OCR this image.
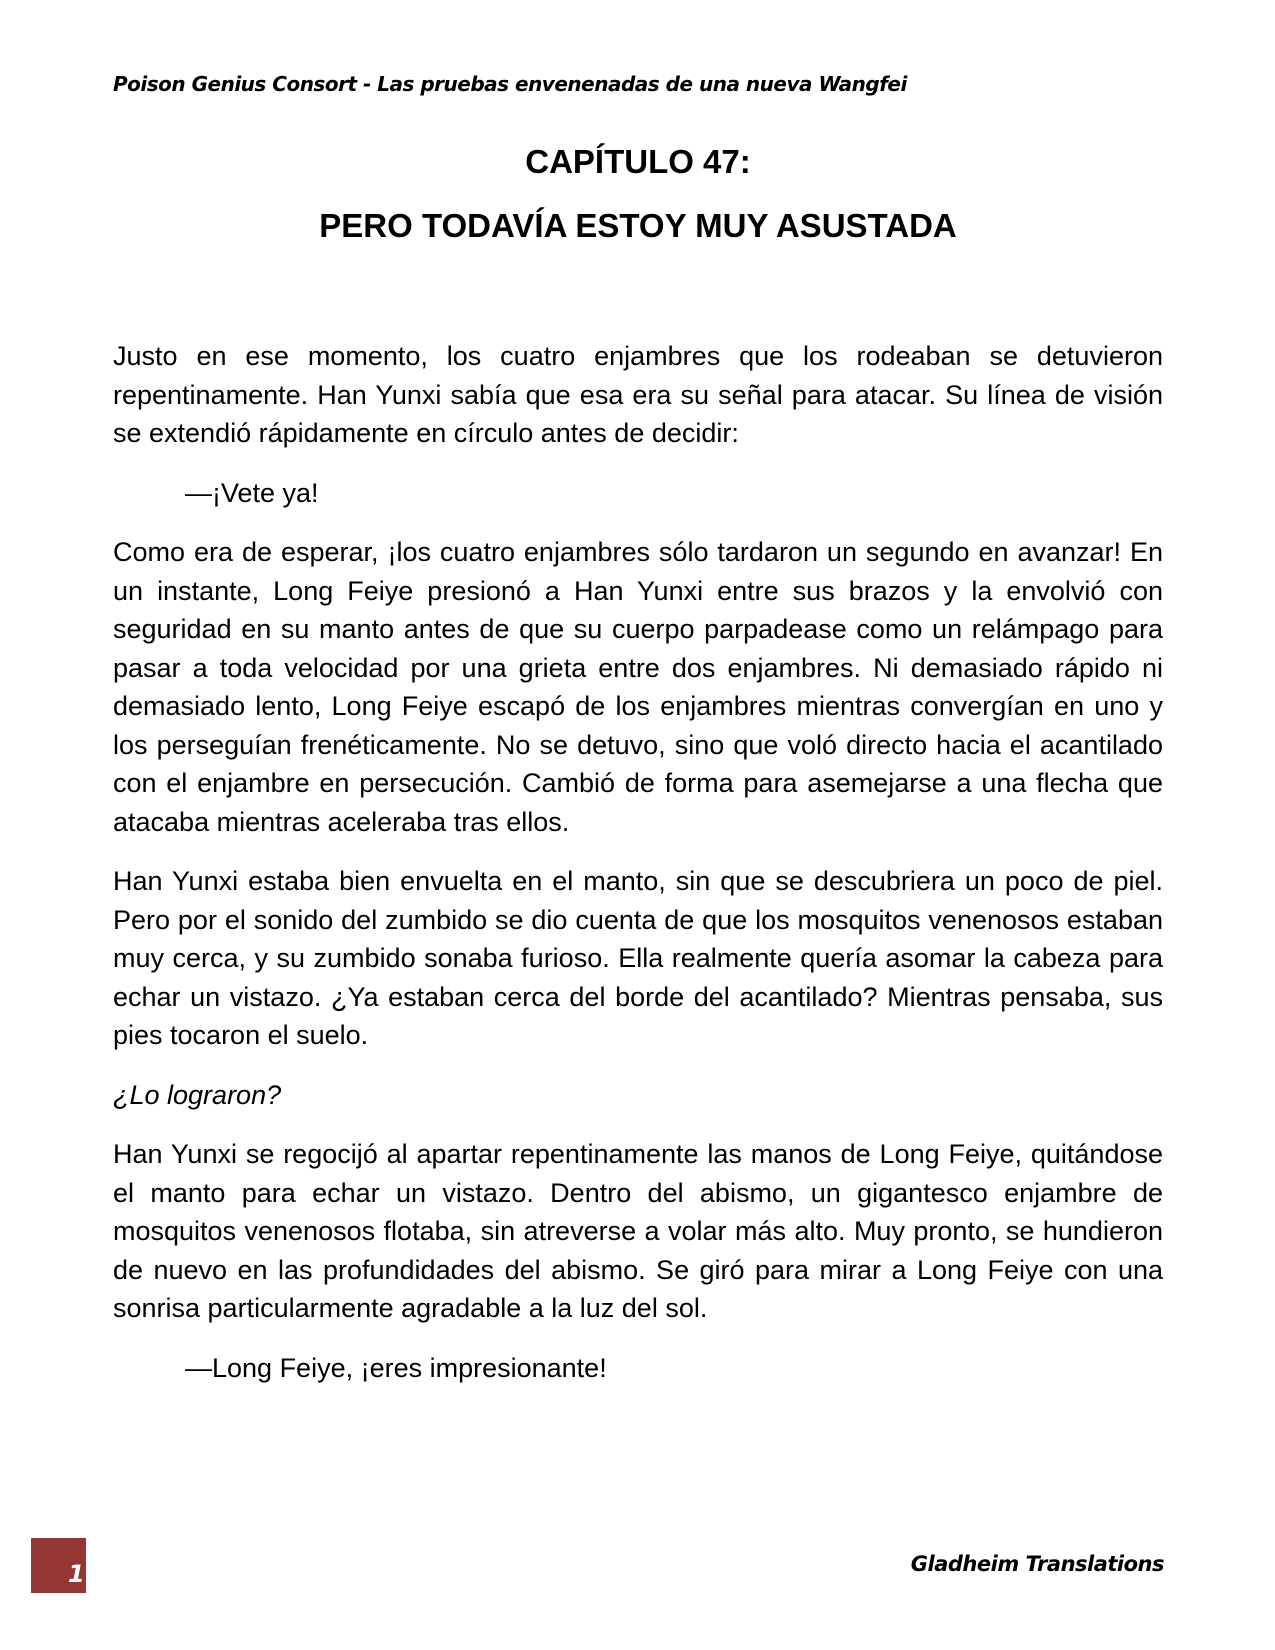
Poison Genius Consort - Las pruebas envenenadas de una nueva Wangfei

CAPÍTULO 47:

PERO TODAVÍA ESTOY MUY ASUSTADA

Justo en ese momento, los cuatro enjambres que los rodeaban se detuvieron repentinamente. Han Yunxi sabía que esa era su señal para atacar. Su línea de visión se extendió rápidamente en círculo antes de decidir:

—¡Vete ya!

Como era de esperar, ¡los cuatro enjambres sólo tardaron un segundo en avanzar! En un instante, Long Feiye presionó a Han Yunxi entre sus brazos y la envolvió con seguridad en su manto antes de que su cuerpo parpadease como un relámpago para pasar a toda velocidad por una grieta entre dos enjambres. Ni demasiado rápido ni demasiado lento, Long Feiye escapó de los enjambres mientras convergían en uno y los perseguían frenéticamente. No se detuvo, sino que voló directo hacia el acantilado con el enjambre en persecución. Cambió de forma para asemejarse a una flecha que atacaba mientras aceleraba tras ellos.

Han Yunxi estaba bien envuelta en el manto, sin que se descubriera un poco de piel. Pero por el sonido del zumbido se dio cuenta de que los mosquitos venenosos estaban muy cerca, y su zumbido sonaba furioso. Ella realmente quería asomar la cabeza para echar un vistazo. ¿Ya estaban cerca del borde del acantilado? Mientras pensaba, sus pies tocaron el suelo.

¿Lo lograron?

Han Yunxi se regocijó al apartar repentinamente las manos de Long Feiye, quitándose el manto para echar un vistazo. Dentro del abismo, un gigantesco enjambre de mosquitos venenosos flotaba, sin atreverse a volar más alto. Muy pronto, se hundieron de nuevo en las profundidades del abismo. Se giró para mirar a Long Feiye con una sonrisa particularmente agradable a la luz del sol.

—Long Feiye, ¡eres impresionante!

1	Gladheim Translations
